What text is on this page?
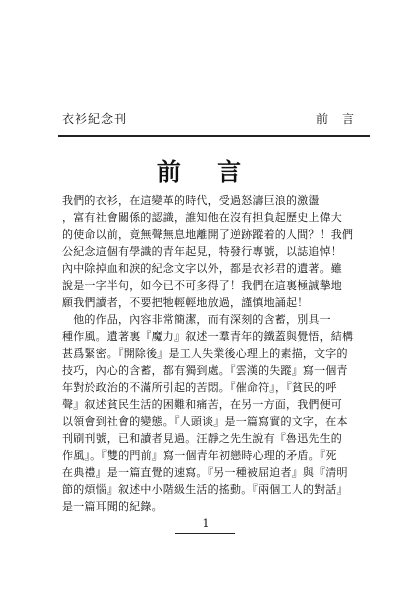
衣衫紀念刊	前言
前 言
我們的衣衫，在這變革的時代，受過怒濤巨浪的激盪
，富有社會關係的認識，誰知他在沒有担負起歷史上偉大
的使命以前，竟無聲無息地離開了逆跡蹤着的人間？！我們
公紀念這個有學識的青年起見，特發行專號，以誌追悼！
內中除掉血和淚的紀念文字以外，都是衣衫君的遺著。雖
說是一字半句，如今已不可多得了！我們在這裏極誠摯地
願我們讀者，不要把牠輕輕地放過，謹慎地誦起！
　他的作品，內容非常簡潔，而有深刻的含蓄，別具一
種作風。遺著裏『魔力』叙述一羣青年的鐵蓋與覺悟，結構
甚爲緊密。『開除後』是工人失業後心理上的素描，文字的
技巧，內心的含蓄，都有獨到處。『雲漢的失蹤』寫一個青
年對於政治的不滿所引起的苦悶。『催命符』，『貧民的呼
聲』叙述貧民生活的困難和痛苦，在另一方面，我們便可
以領會到社會的變態。『人頭谈』是一篇寫實的文字，在本
刊刷刊號，已和讀者見過。汪靜之先生說有『魯迅先生的
作風』。『雙的門前』寫一個青年初戀時心理的矛盾。『死
在典禮』是一篇直覺的速寫。『另一種被屈迫者』與『清明
節的煩惱』叙述中小階級生活的搖動。『兩個工人的對話』
是一篇耳聞的紀錄。
1
